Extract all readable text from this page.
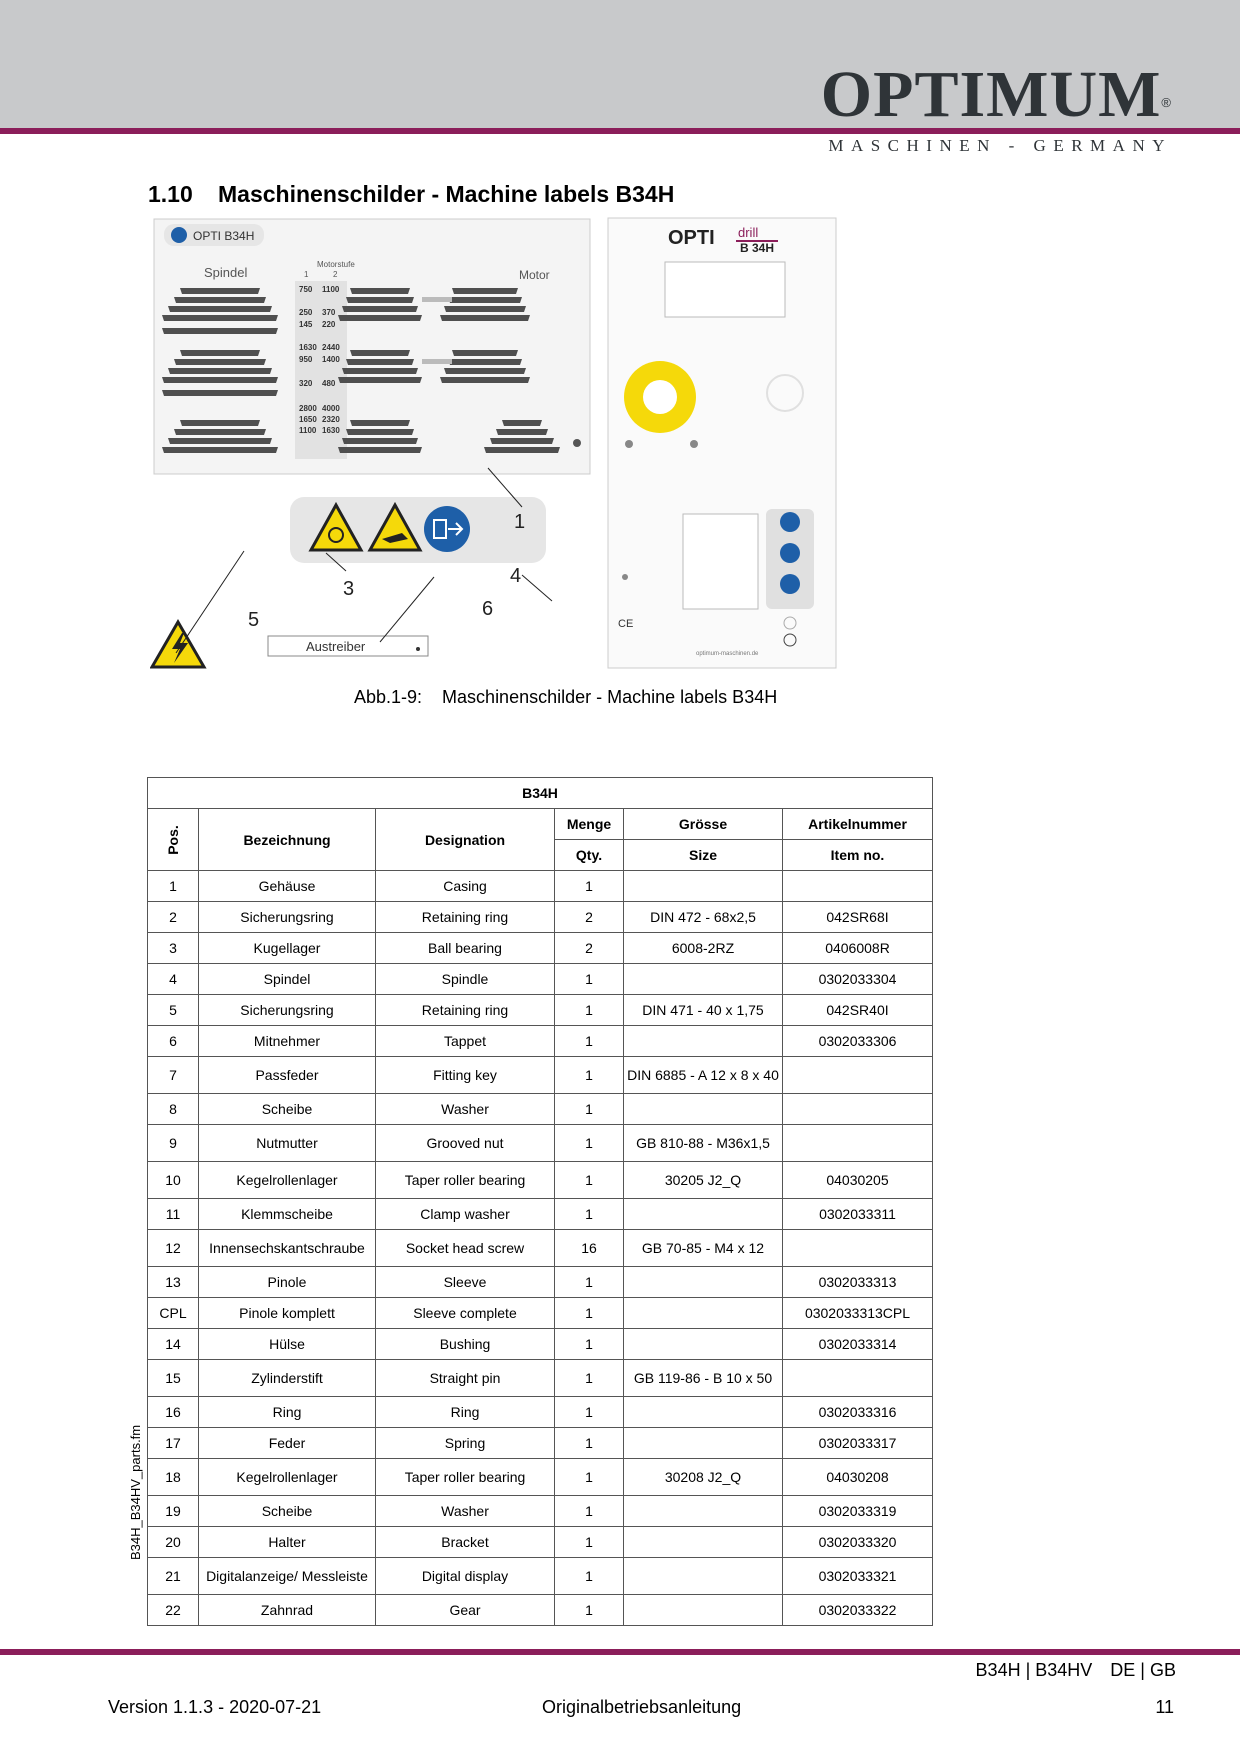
OPTIMUM®
MASCHINEN - GERMANY
1.10 Maschinenschilder - Machine labels B34H
OPTI B34H
Spindel
Motorstufe
1	2	Motor
750 1100
250 370
145 220
1630 2440
950 1400
320 480
2800 4000
1650 2320
1100 1630
Austreiber
OPTI drill
B 34H
CE
optimum-maschinen.de
1
3
4
5	6
Abb.1-9: Maschinenschilder - Machine labels B34H
B34H					

Pos.	Bezeichnung	Designation	Menge	Grösse	Artikelnummer
			Qty.	Size	Item no.
1	Gehäuse	Casing	1		
2	Sicherungsring	Retaining ring	2	DIN 472 - 68x2,5	042SR68I
3	Kugellager	Ball bearing	2	6008-2RZ	0406008R
4	Spindel	Spindle	1		0302033304
5	Sicherungsring	Retaining ring	1	DIN 471 - 40 x 1,75	042SR40I
6	Mitnehmer	Tappet	1		0302033306
7	Passfeder	Fitting key	1	DIN 6885 - A 12 x 8 x 40	
8	Scheibe	Washer	1		
9	Nutmutter	Grooved nut	1	GB 810-88 - M36x1,5	
10	Kegelrollenlager	Taper roller bearing	1	30205 J2_Q	04030205
11	Klemmscheibe	Clamp washer	1		0302033311
12	Innensechskantschraube	Socket head screw	16	GB 70-85 - M4 x 12	
13	Pinole	Sleeve	1		0302033313
CPL	Pinole komplett	Sleeve complete	1		0302033313CPL
14	Hülse	Bushing	1		0302033314
15	Zylinderstift	Straight pin	1	GB 119-86 - B 10 x 50	
16	Ring	Ring	1		0302033316
17	Feder	Spring	1		0302033317
18	Kegelrollenlager	Taper roller bearing	1	30208 J2_Q	04030208
19	Scheibe	Washer	1		0302033319
20	Halter	Bracket	1		0302033320
21	Digitalanzeige/ Messleiste	Digital display	1		0302033321
22	Zahnrad	Gear	1		0302033322
B34H_B34HV_parts.fm
B34H | B34HV DE | GB
Version 1.1.3 - 2020-07-21	Originalbetriebsanleitung	11
